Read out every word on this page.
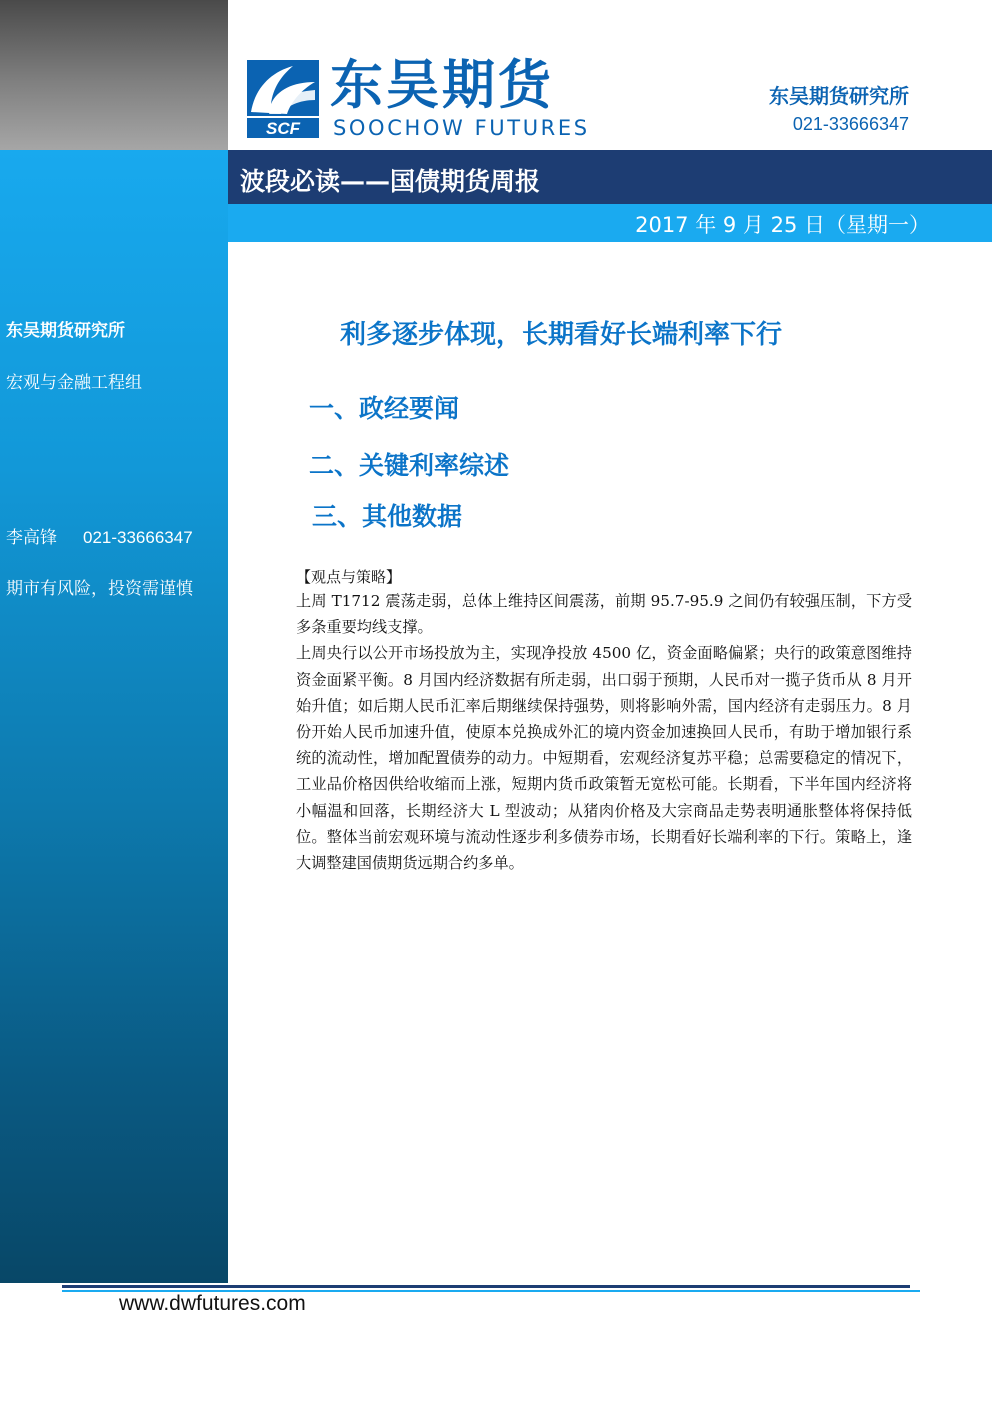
东吴期货研究所
宏观与金融工程组
李高锋 021-33666347
期市有风险，投资需谨慎
SCF
东吴期货
SOOCHOW FUTURES
东吴期货研究所
021-33666347
波段必读——国债期货周报
2017 年 9 月 25 日（星期一）
利多逐步体现，长期看好长端利率下行
一、政经要闻
二、关键利率综述
三、其他数据
【观点与策略】

上周 T1712 震荡走弱，总体上维持区间震荡，前期 95.7-95.9 之间仍有较强压制，下方受多条重要均线支撑。

上周央行以公开市场投放为主，实现净投放 4500 亿，资金面略偏紧；央行的政策意图维持资金面紧平衡。8 月国内经济数据有所走弱，出口弱于预期，人民币对一揽子货币从 8 月开始升值；如后期人民币汇率后期继续保持强势，则将影响外需，国内经济有走弱压力。8 月份开始人民币加速升值，使原本兑换成外汇的境内资金加速换回人民币，有助于增加银行系统的流动性，增加配置债券的动力。中短期看，宏观经济复苏平稳；总需要稳定的情况下，工业品价格因供给收缩而上涨，短期内货币政策暂无宽松可能。长期看，下半年国内经济将小幅温和回落，长期经济大 L 型波动；从猪肉价格及大宗商品走势表明通胀整体将保持低位。整体当前宏观环境与流动性逐步利多债券市场，长期看好长端利率的下行。策略上，逢大调整建国债期货远期合约多单。

www.dwfutures.com
